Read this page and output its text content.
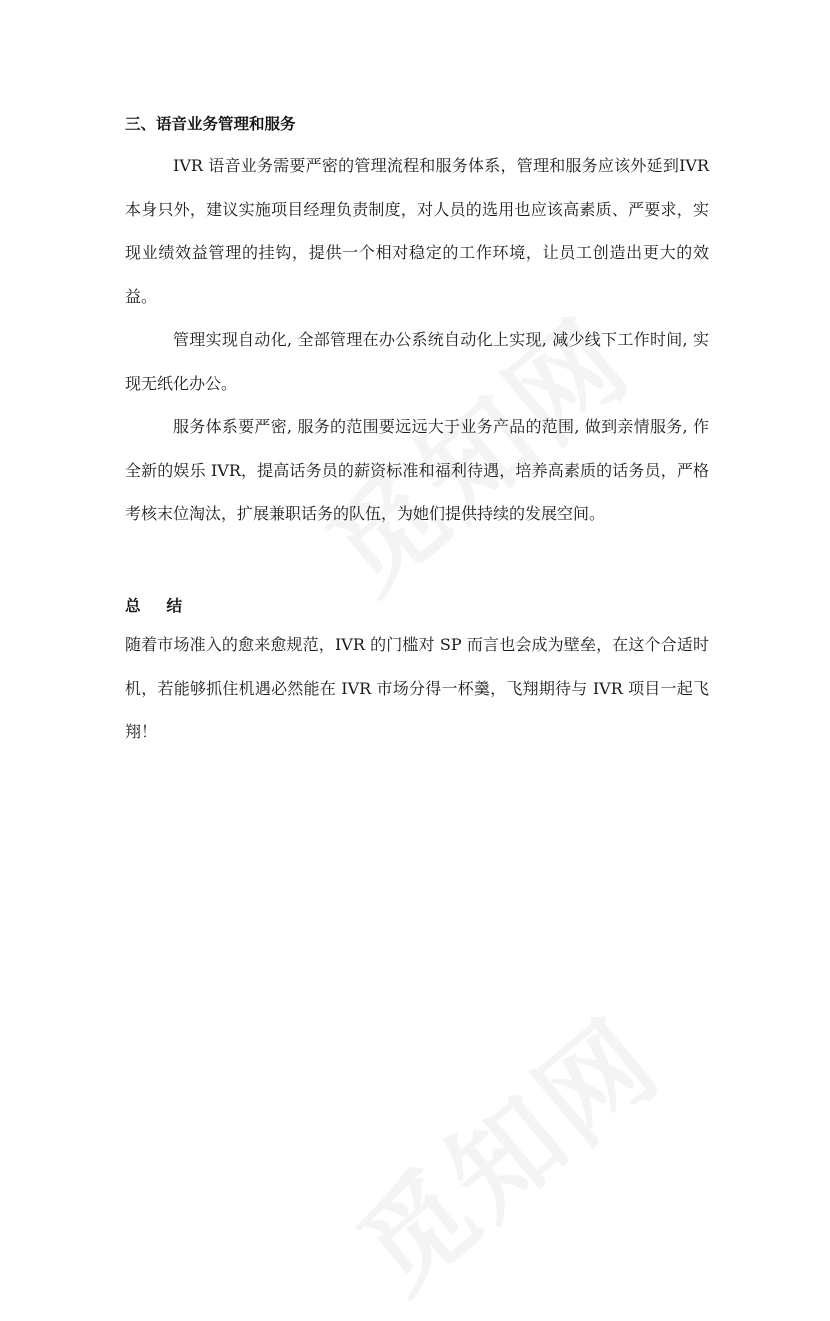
三、语音业务管理和服务

IVR 语音业务需要严密的管理流程和服务体系，管理和服务应该外延到IVR 本身只外，建议实施项目经理负责制度，对人员的选用也应该高素质、严要求，实现业绩效益管理的挂钩，提供一个相对稳定的工作环境，让员工创造出更大的效益。

管理实现自动化, 全部管理在办公系统自动化上实现, 减少线下工作时间, 实现无纸化办公。

服务体系要严密, 服务的范围要远远大于业务产品的范围, 做到亲情服务, 作全新的娱乐 IVR，提高话务员的薪资标准和福利待遇，培养高素质的话务员，严格考核末位淘汰，扩展兼职话务的队伍，为她们提供持续的发展空间。

总结

随着市场准入的愈来愈规范，IVR 的门槛对 SP 而言也会成为壁垒，在这个合适时机，若能够抓住机遇必然能在 IVR 市场分得一杯羹，飞翔期待与 IVR 项目一起飞翔！
